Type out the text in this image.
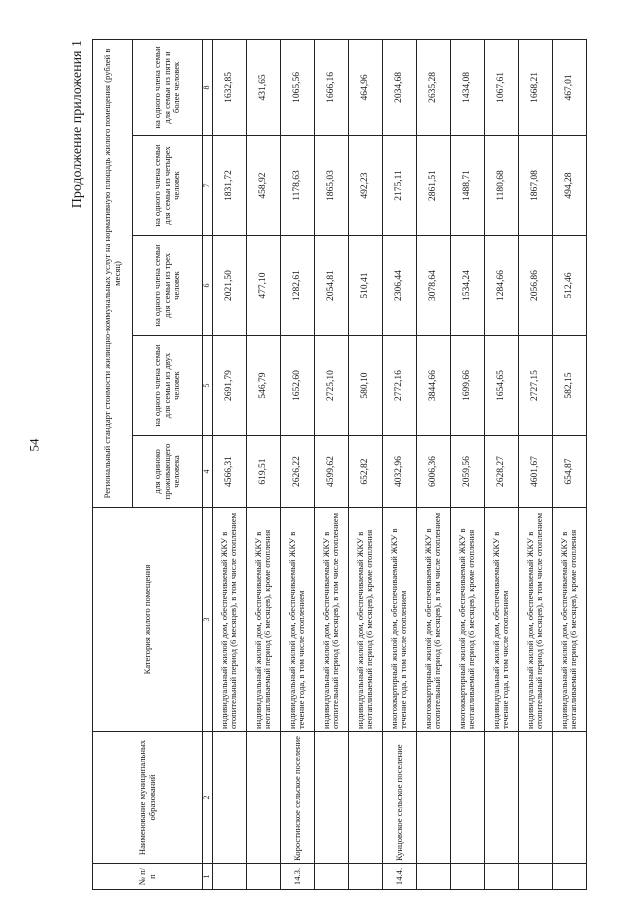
54
Продолжение приложения 1
№ п/п	Наименование муниципальных образований	Категория жилого помещения	Региональный стандарт стоимости жилищно-коммунальных услуг на нормативную площадь жилого помещения (рублей в месяц)				
			для одиноко проживающего человека	на одного члена семьи для семьи из двух человек	на одного члена семьи для семьи из трех человек	на одного члена семьи для семьи из четырех человек	на одного члена семьи для семьи из пяти и более человек

1	2	3	4	5	6	7	8
		индивидуальный жилой дом, обеспечиваемый ЖКУ в отопительный период (6 месяцев), в том числе отоплением	4566,31	2691,79	2021,50	1831,72	1632,85
		индивидуальный жилой дом, обеспечиваемый ЖКУ в неотапливаемый период (6 месяцев), кроме отопления	619,51	546,79	477,10	458,92	431,65
14.3.	Коростинское сельское поселение	индивидуальный жилой дом, обеспечиваемый ЖКУ в течение года, в том числе отоплением	2626,22	1652,60	1282,61	1178,63	1065,56
		индивидуальный жилой дом, обеспечиваемый ЖКУ в отопительный период (6 месяцев), в том числе отоплением	4599,62	2725,10	2054,81	1865,03	1666,16
		индивидуальный жилой дом, обеспечиваемый ЖКУ в неотапливаемый период (6 месяцев), кроме отопления	652,82	580,10	510,41	492,23	464,96
14.4.	Кунцовское сельское поселение	многоквартирный жилой дом, обеспечиваемый ЖКУ в течение года, в том числе отоплением	4032,96	2772,16	2306,44	2175,11	2034,68
		многоквартирный жилой дом, обеспечиваемый ЖКУ в отопительный период (6 месяцев), в том числе отоплением	6006,36	3844,66	3078,64	2861,51	2635,28
		многоквартирный жилой дом, обеспечиваемый ЖКУ в неотапливаемый период (6 месяцев), кроме отопления	2059,56	1699,66	1534,24	1488,71	1434,08
		индивидуальный жилой дом, обеспечиваемый ЖКУ в течение года, в том числе отоплением	2628,27	1654,65	1284,66	1180,68	1067,61
		индивидуальный жилой дом, обеспечиваемый ЖКУ в отопительный период (6 месяцев), в том числе отоплением	4601,67	2727,15	2056,86	1867,08	1668,21
		индивидуальный жилой дом, обеспечиваемый ЖКУ в неотапливаемый период (6 месяцев), кроме отопления	654,87	582,15	512,46	494,28	467,01
